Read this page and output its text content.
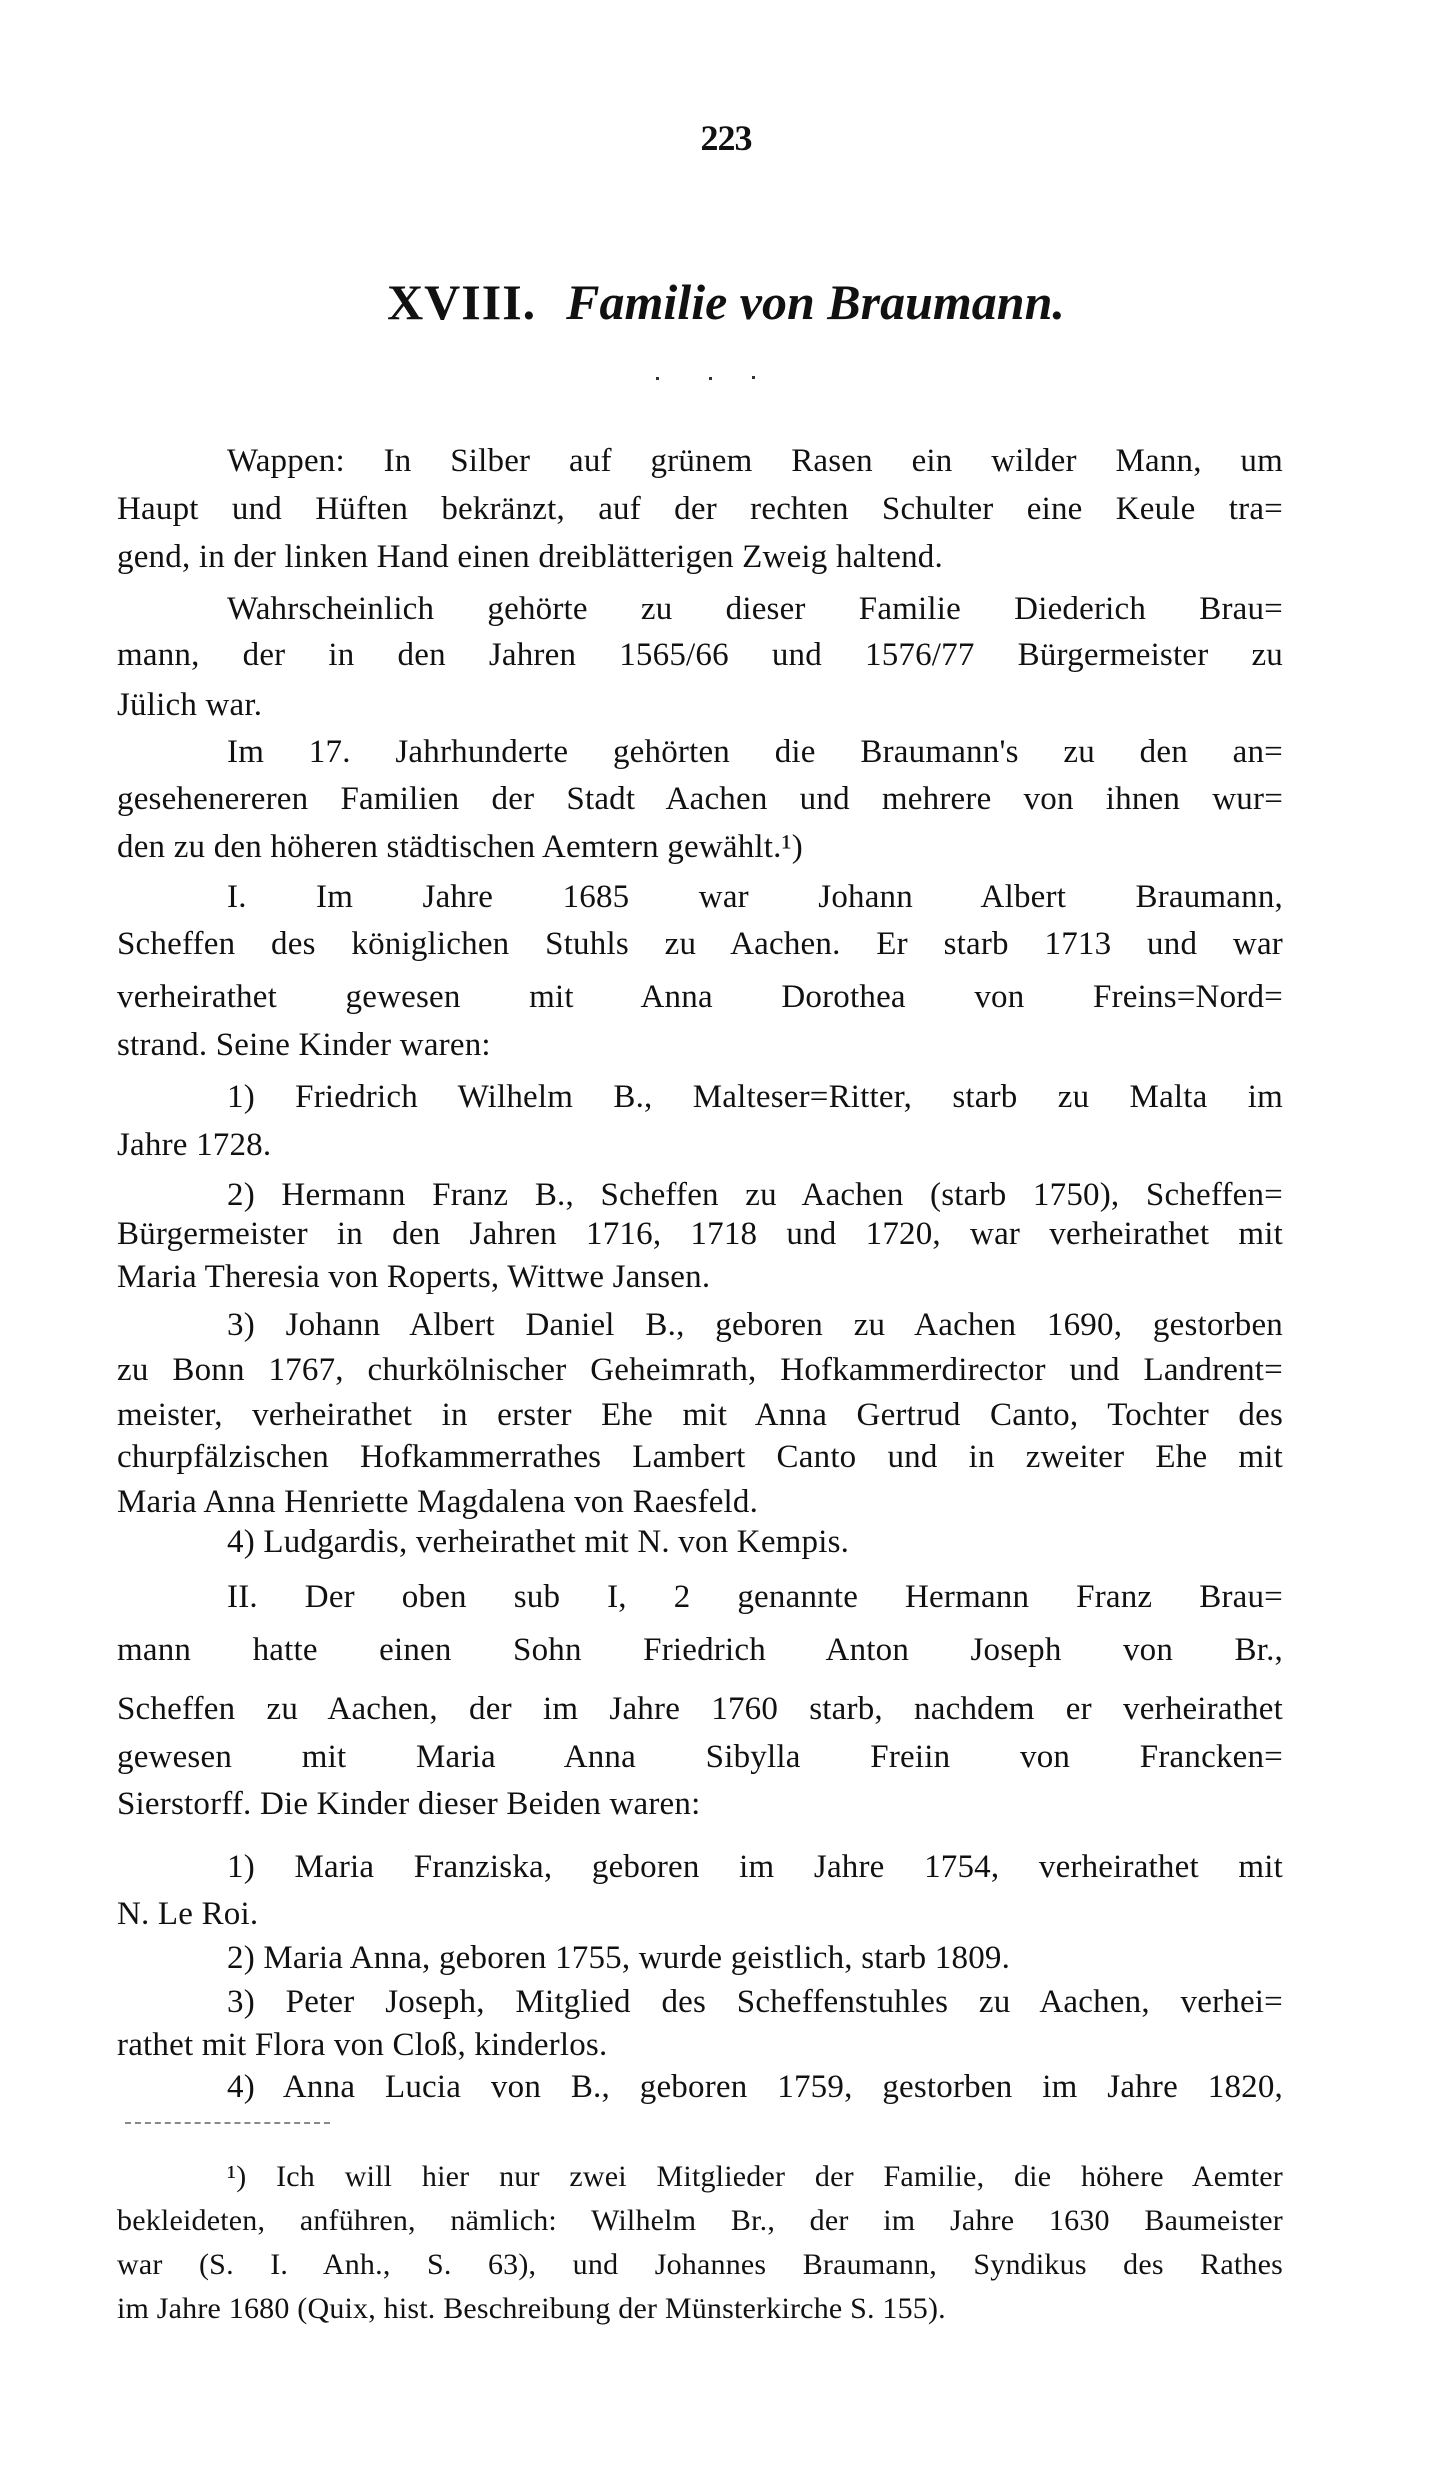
223
XVIII. Familie von Braumann.
Wappen: In Silber auf grünem Rasen ein wilder Mann, um
Haupt und Hüften bekränzt, auf der rechten Schulter eine Keule tra=
gend, in der linken Hand einen dreiblätterigen Zweig haltend.
Wahrscheinlich gehörte zu dieser Familie Diederich Brau=
mann, der in den Jahren 1565/66 und 1576/77 Bürgermeister zu
Jülich war.
Im 17. Jahrhunderte gehörten die Braumann's zu den an=
gesehenereren Familien der Stadt Aachen und mehrere von ihnen wur=
den zu den höheren städtischen Aemtern gewählt.¹)
I. Im Jahre 1685 war Johann Albert Braumann,
Scheffen des königlichen Stuhls zu Aachen. Er starb 1713 und war
verheirathet gewesen mit Anna Dorothea von Freins=Nord=
strand. Seine Kinder waren:
1) Friedrich Wilhelm B., Malteser=Ritter, starb zu Malta im
Jahre 1728.
2) Hermann Franz B., Scheffen zu Aachen (starb 1750), Scheffen=
Bürgermeister in den Jahren 1716, 1718 und 1720, war verheirathet mit
Maria Theresia von Roperts, Wittwe Jansen.
3) Johann Albert Daniel B., geboren zu Aachen 1690, gestorben
zu Bonn 1767, churkölnischer Geheimrath, Hofkammerdirector und Landrent=
meister, verheirathet in erster Ehe mit Anna Gertrud Canto, Tochter des
churpfälzischen Hofkammerrathes Lambert Canto und in zweiter Ehe mit
Maria Anna Henriette Magdalena von Raesfeld.
4) Ludgardis, verheirathet mit N. von Kempis.
II. Der oben sub I, 2 genannte Hermann Franz Brau=
mann hatte einen Sohn Friedrich Anton Joseph von Br.,
Scheffen zu Aachen, der im Jahre 1760 starb, nachdem er verheirathet
gewesen mit Maria Anna Sibylla Freiin von Francken=
Sierstorff. Die Kinder dieser Beiden waren:
1) Maria Franziska, geboren im Jahre 1754, verheirathet mit
N. Le Roi.
2) Maria Anna, geboren 1755, wurde geistlich, starb 1809.
3) Peter Joseph, Mitglied des Scheffenstuhles zu Aachen, verhei=
rathet mit Flora von Cloß, kinderlos.
4) Anna Lucia von B., geboren 1759, gestorben im Jahre 1820,
¹) Ich will hier nur zwei Mitglieder der Familie, die höhere Aemter
bekleideten, anführen, nämlich: Wilhelm Br., der im Jahre 1630 Baumeister
war (S. I. Anh., S. 63), und Johannes Braumann, Syndikus des Rathes
im Jahre 1680 (Quix, hist. Beschreibung der Münsterkirche S. 155).
